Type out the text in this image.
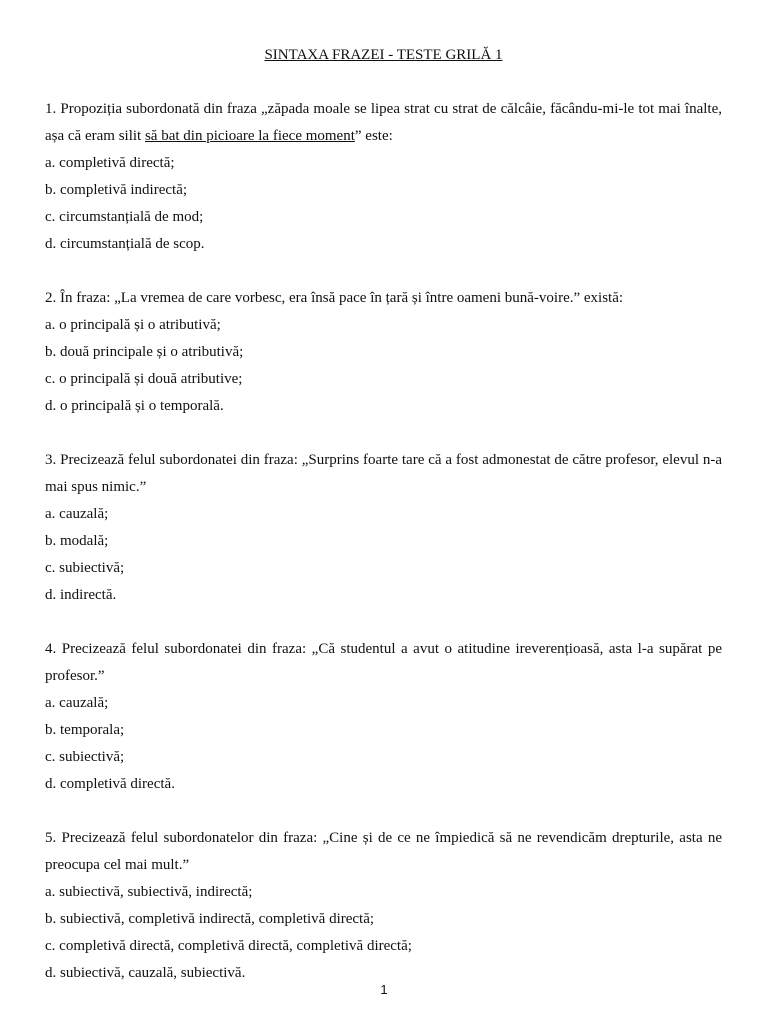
SINTAXA FRAZEI - TESTE GRILĂ 1

1. Propoziția subordonată din fraza „zăpada moale se lipea strat cu strat de călcâie, făcându-mi-le tot mai înalte, așa că eram silit să bat din picioare la fiece moment” este:

a. completivă directă;

b. completivă indirectă;

c. circumstanțială de mod;

d. circumstanțială de scop.

2. În fraza: „La vremea de care vorbesc, era însă pace în țară și între oameni bună-voire.” există:

a. o principală și o atributivă;

b. două principale și o atributivă;

c. o principală și două atributive;

d. o principală și o temporală.

3. Precizează felul subordonatei din fraza: „Surprins foarte tare că a fost admonestat de către profesor, elevul n-a mai spus nimic.”

a. cauzală;

b. modală;

c. subiectivă;

d. indirectă.

4. Precizează felul subordonatei din fraza: „Că studentul a avut o atitudine ireverențioasă, asta l-a supărat pe profesor.”

a. cauzală;

b. temporala;

c. subiectivă;

d. completivă directă.

5. Precizează felul subordonatelor din fraza: „Cine și de ce ne împiedică să ne revendicăm drepturile, asta ne preocupa cel mai mult.”

a. subiectivă, subiectivă, indirectă;

b. subiectivă, completivă indirectă, completivă directă;

c. completivă directă, completivă directă, completivă directă;

d. subiectivă, cauzală, subiectivă.

1
